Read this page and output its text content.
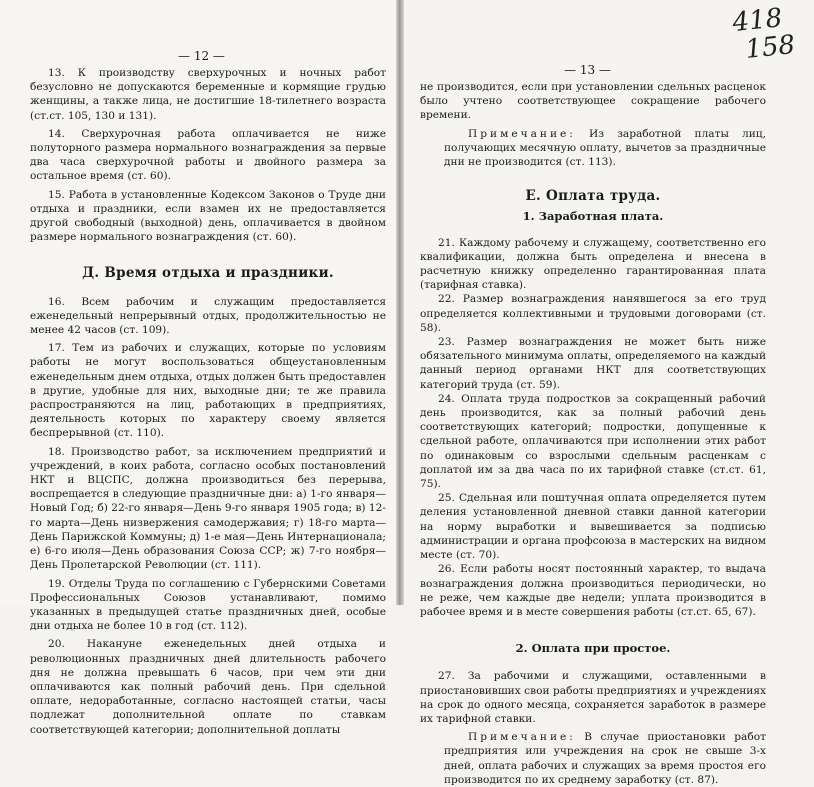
— 12 —

13. К производству сверхурочных и ночных работ безусловно не допускаются беременные и кормящие грудью женщины, а также лица, не достигшие 18-тилетнего возраста (ст.ст. 105, 130 и 131).

14. Сверхурочная работа оплачивается не ниже полуторного размера нормального вознаграждения за первые два часа сверхурочной работы и двойного размера за остальное время (ст. 60).

15. Работа в установленные Кодексом Законов о Труде дни отдыха и праздники, если взамен их не предоставляется другой свободный (выходной) день, оплачивается в двойном размере нормального вознаграждения (ст. 60).

Д. Время отдыха и праздники.

16. Всем рабочим и служащим предоставляется еженедельный непрерывный отдых, продолжительностью не менее 42 часов (ст. 109).

17. Тем из рабочих и служащих, которые по условиям работы не могут воспользоваться общеустановленным еженедельным днем отдыха, отдых должен быть предоставлен в другие, удобные для них, выходные дни; те же правила распространяются на лиц, работающих в предприятиях, деятельность которых по характеру своему является беспрерывной (ст. 110).

18. Производство работ, за исключением предприятий и учреждений, в коих работа, согласно особых постановлений НКТ и ВЦСПС, должна производиться без перерыва, воспрещается в следующие праздничные дни: а) 1-го января—Новый Год; б) 22-го января—День 9-го января 1905 года; в) 12-го марта—День низвержения самодержавия; г) 18-го марта—День Парижской Коммуны; д) 1-е мая—День Интернационала; е) 6-го июля—День образования Союза ССР; ж) 7-го ноября—День Пролетарской Революции (ст. 111).

19. Отделы Труда по соглашению с Губернскими Советами Профессиональных Союзов устанавливают, помимо указанных в предыдущей статье праздничных дней, особые дни отдыха не более 10 в год (ст. 112).

20. Накануне еженедельных дней отдыха и революционных праздничных дней длительность рабочего дня не должна превышать 6 часов, при чем эти дни оплачиваются как полный рабочий день. При сдельной оплате, недоработанные, согласно настоящей статьи, часы подлежат дополнительной оплате по ставкам соответствующей категории; дополнительной доплаты

418
158
— 13 —

не производится, если при установлении сдельных расценок было учтено соответствующее сокращение рабочего времени.

Примечание: Из заработной платы лиц, получающих месячную оплату, вычетов за праздничные дни не производится (ст. 113).

Е. Оплата труда.
1. Заработная плата.

21. Каждому рабочему и служащему, соответственно его квалификации, должна быть определена и внесена в расчетную книжку определенно гарантированная плата (тарифная ставка).

22. Размер вознаграждения нанявшегося за его труд определяется коллективными и трудовыми договорами (ст. 58).

23. Размер вознаграждения не может быть ниже обязательного минимума оплаты, определяемого на каждый данный период органами НКТ для соответствующих категорий труда (ст. 59).

24. Оплата труда подростков за сокращенный рабочий день производится, как за полный рабочий день соответствующих категорий; подростки, допущенные к сдельной работе, оплачиваются при исполнении этих работ по одинаковым со взрослыми сдельным расценкам с доплатой им за два часа по их тарифной ставке (ст.ст. 61, 75).

25. Сдельная или поштучная оплата определяется путем деления установленной дневной ставки данной категории на норму выработки и вывешивается за подписью администрации и органа профсоюза в мастерских на видном месте (ст. 70).

26. Если работы носят постоянный характер, то выдача вознаграждения должна производиться периодически, но не реже, чем каждые две недели; уплата производится в рабочее время и в месте совершения работы (ст.ст. 65, 67).

2. Оплата при простое.

27. За рабочими и служащими, оставленными в приостановивших свои работы предприятиях и учреждениях на срок до одного месяца, сохраняется заработок в размере их тарифной ставки.

Примечание: В случае приостановки работ предприятия или учреждения на срок не свыше 3-х дней, оплата рабочих и служащих за время простоя его производится по их среднему заработку (ст. 87).
